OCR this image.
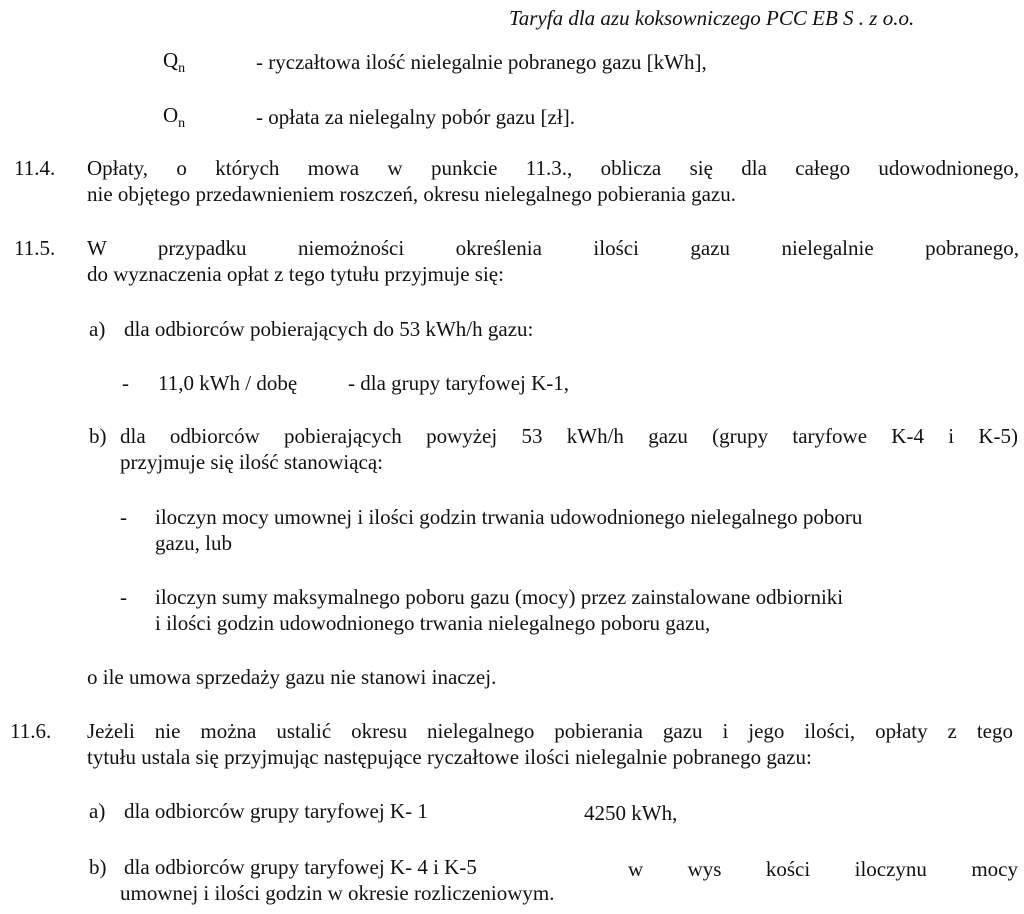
Taryfa dla azu koksowniczego PCC EB S . z o.o.
$Q_n$	- ryczałtowa ilość nielegalnie pobranego gazu [kWh],
$O_n$	- opłata za nielegalny pobór gazu [zł].
11.4. Opłaty, o których mowa w punkcie 11.3., oblicza się dla całego udowodnionego,
nie objętego przedawnieniem roszczeń, okresu nielegalnego pobierania gazu.
11.5. W przypadku niemożności określenia ilości gazu nielegalnie pobranego,
do wyznaczenia opłat z tego tytułu przyjmuje się:
a) dla odbiorców pobierających do 53 kWh/h gazu:
- 11,0 kWh / dobę - dla grupy taryfowej K-1,
b) dla odbiorców pobierających powyżej 53 kWh/h gazu (grupy taryfowe K-4 i K-5)
przyjmuje się ilość stanowiącą:
- iloczyn mocy umownej i ilości godzin trwania udowodnionego nielegalnego poboru
gazu, lub
- iloczyn sumy maksymalnego poboru gazu (mocy) przez zainstalowane odbiorniki
i ilości godzin udowodnionego trwania nielegalnego poboru gazu,
o ile umowa sprzedaży gazu nie stanowi inaczej.
11.6. Jeżeli nie można ustalić okresu nielegalnego pobierania gazu i jego ilości, opłaty z tego
tytułu ustala się przyjmując następujące ryczałtowe ilości nielegalnie pobranego gazu:
a) dla odbiorców grupy taryfowej K- 1	4250 kWh,
b) dla odbiorców grupy taryfowej K- 4 i K-5	w wys kości iloczynu mocy
umownej i ilości godzin w okresie rozliczeniowym.
